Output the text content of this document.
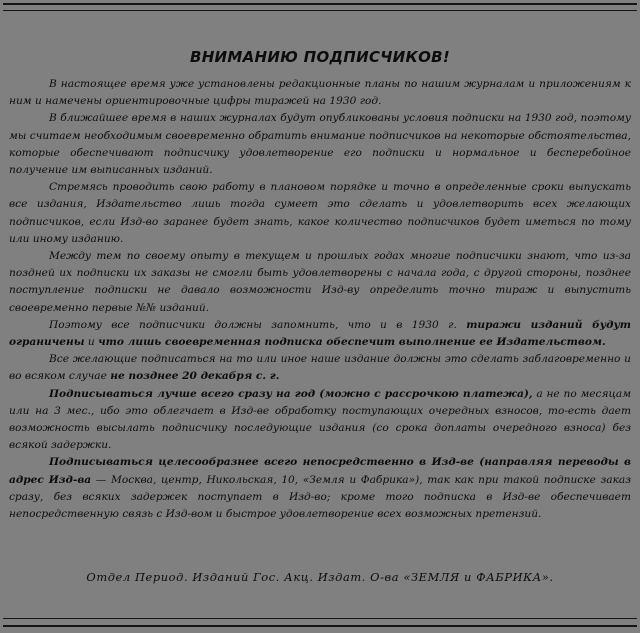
ВНИМАНИЮ ПОДПИСЧИКОВ!

В настоящее время уже установлены редакционные планы по нашим журналам и приложениям к ним и намечены ориентировочные цифры тиражей на 1930 год.

В ближайшее время в наших журналах будут опубликованы условия подписки на 1930 год, поэтому мы считаем необходимым своевременно обратить внимание подписчиков на некоторые обстоятельства, которые обеспечивают подписчику удовлетворение его подписки и нормальное и бесперебойное получение им выписанных изданий.

Стремясь проводить свою работу в плановом порядке и точно в определенные сроки выпускать все издания, Издательство лишь тогда сумеет это сделать и удовлетворить всех желающих подписчиков, если Изд-во заранее будет знать, какое количество подписчиков будет иметься по тому или иному изданию.

Между тем по своему опыту в текущем и прошлых годах многие подписчики знают, что из-за поздней их подписки их заказы не смогли быть удовлетворены с начала года, с другой стороны, позднее поступление подписки не давало возможности Изд-ву определить точно тираж и выпустить своевременно первые №№ изданий.

Поэтому все подписчики должны запомнить, что и в 1930 г. тиражи изданий будут ограничены и что лишь своевременная подписка обеспечит выполнение ее Издательством.

Все желающие подписаться на то или иное наше издание должны это сделать заблаговременно и во всяком случае не позднее 20 декабря с. г.

Подписываться лучше всего сразу на год (можно с рассрочкою платежа), а не по месяцам или на 3 мес., ибо это облегчает в Изд-ве обработку поступающих очередных взносов, то-есть дает возможность высылать подписчику последующие издания (со срока доплаты очередного взноса) без всякой задержки.

Подписываться целесообразнее всего непосредственно в Изд-ве (направляя переводы в адрес Изд-ва — Москва, центр, Никольская, 10, «Земля и Фабрика»), так как при такой подписке заказ сразу, без всяких задержек поступает в Изд-во; кроме того подписка в Изд-ве обеспечивает непосредственную связь с Изд-вом и быстрое удовлетворение всех возможных претензий.

Отдел Период. Изданий Гос. Акц. Издат. О-ва «ЗЕМЛЯ и ФАБРИКА».
